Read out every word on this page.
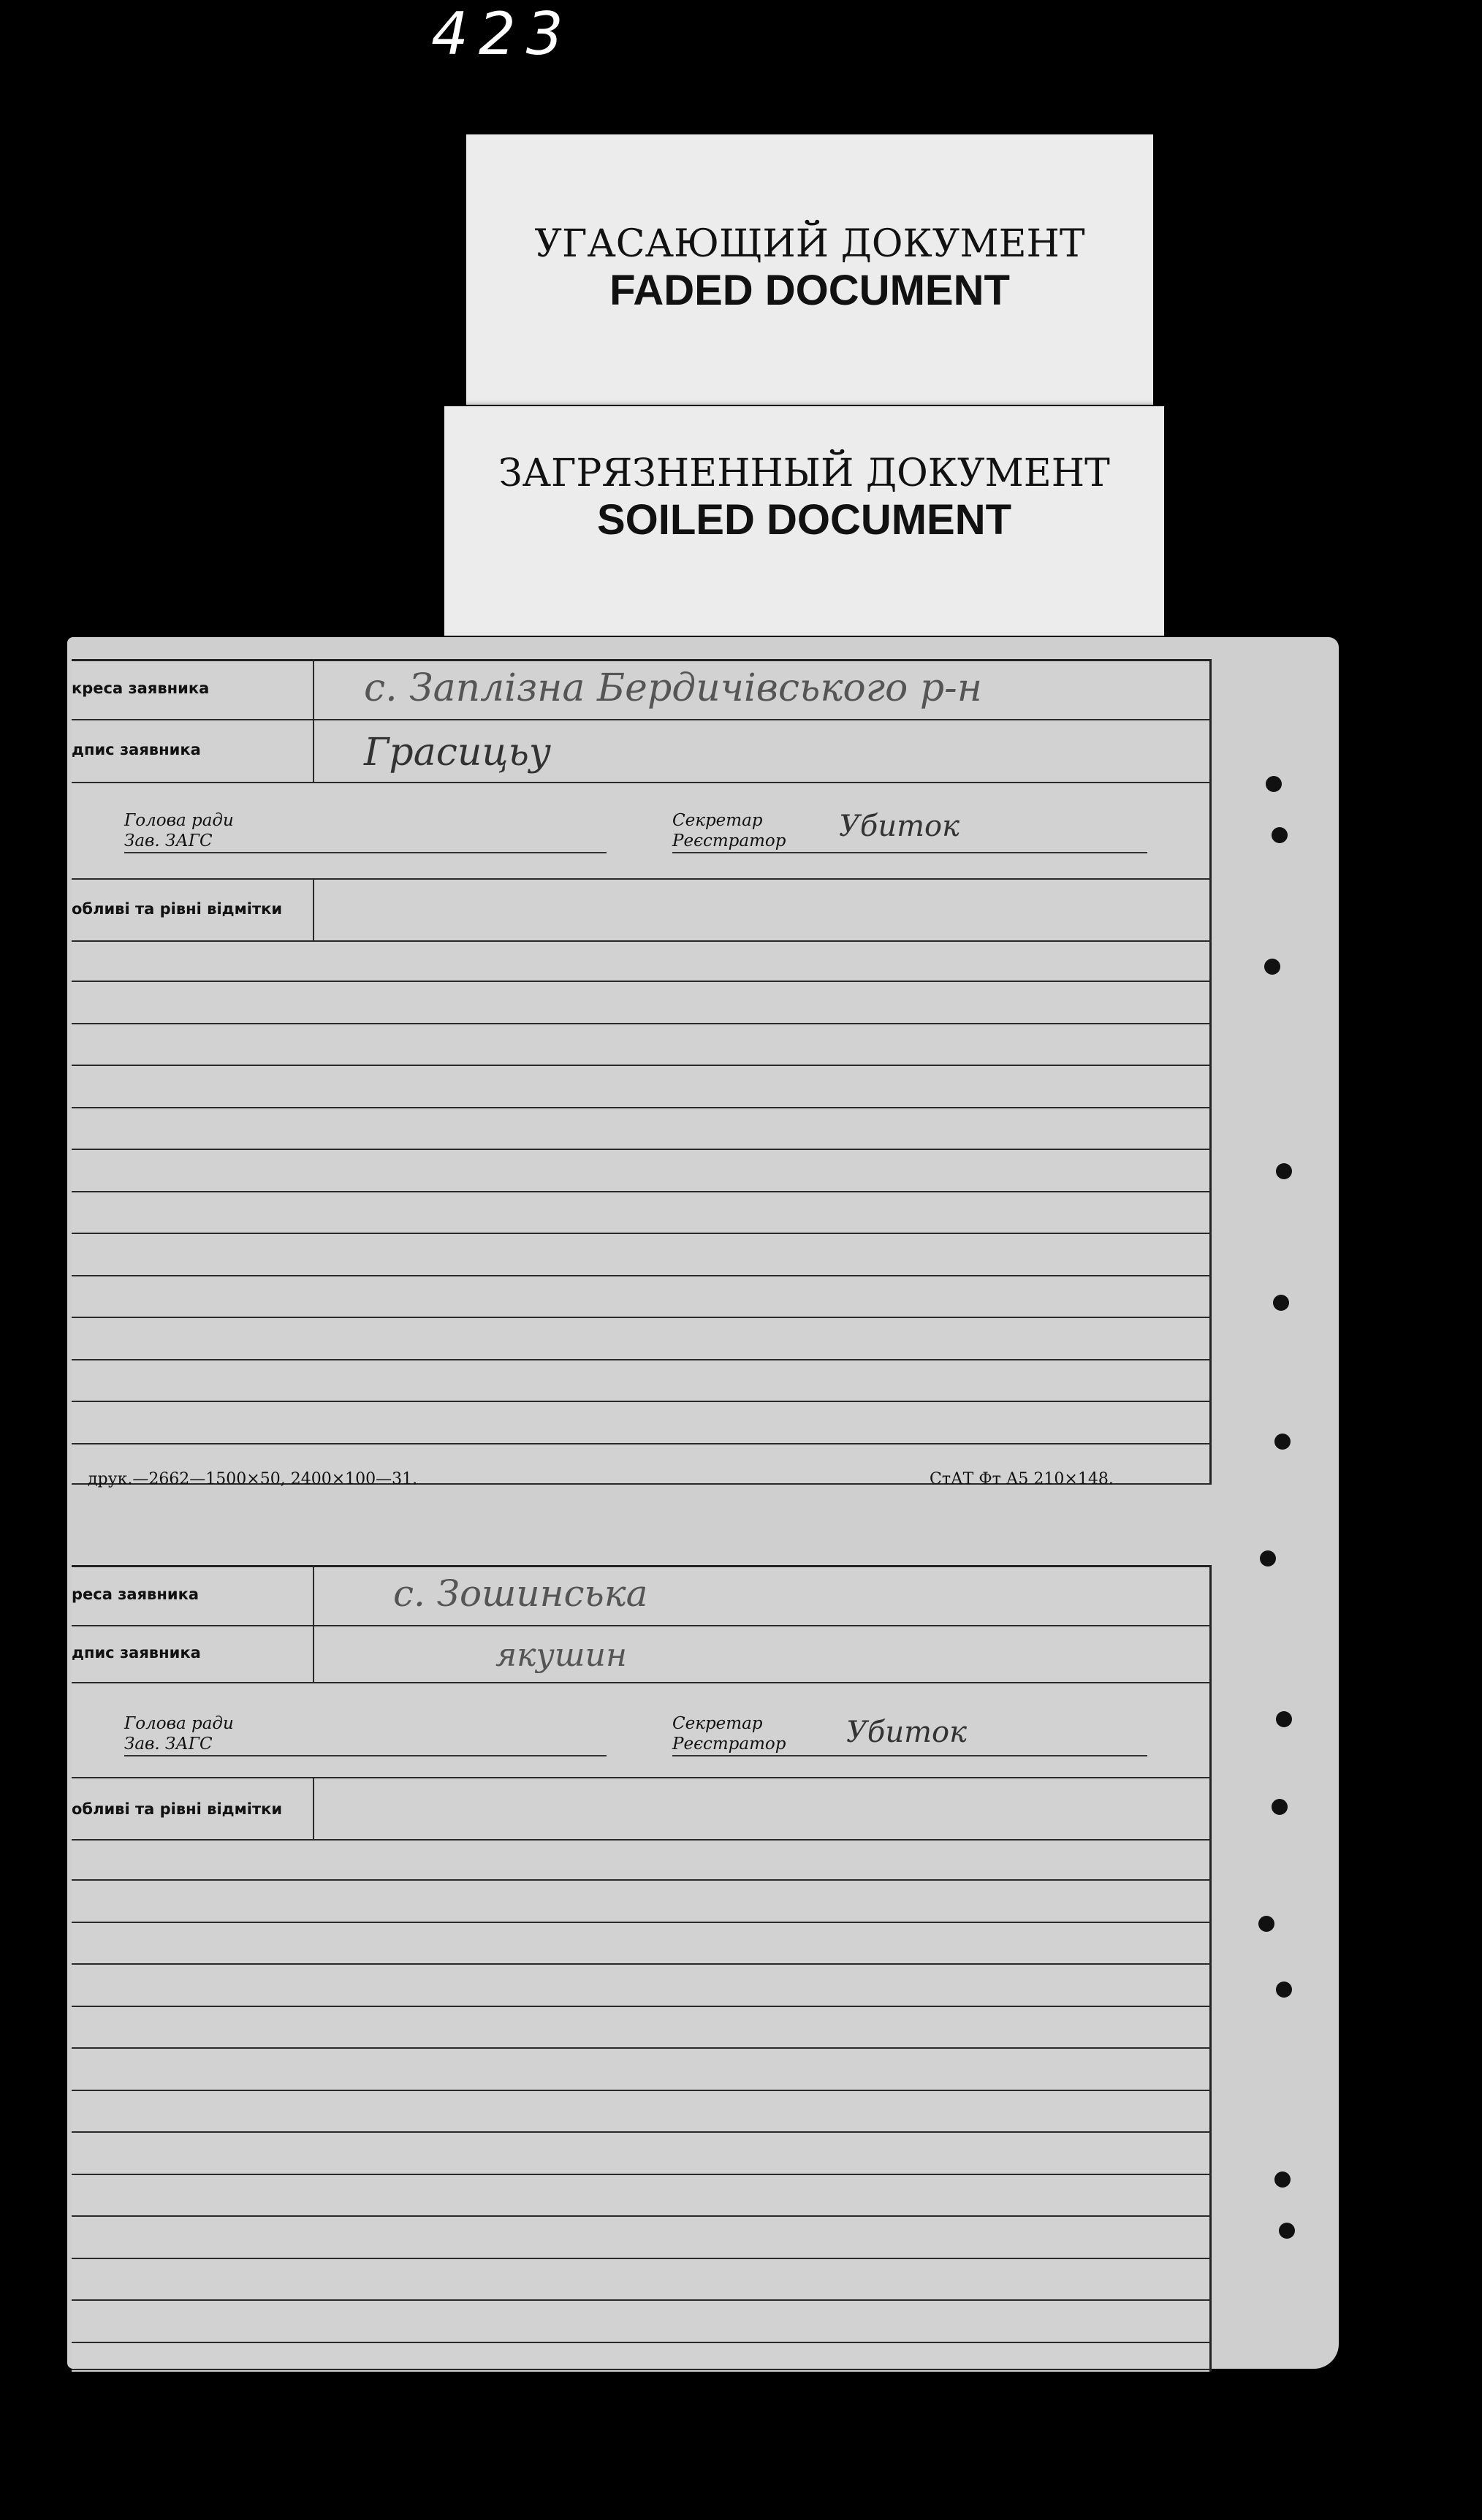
423
УГАСАЮЩИЙ ДОКУМЕНТ
FADED DOCUMENT
ЗАГРЯЗНЕННЫЙ ДОКУМЕНТ
SOILED DOCUMENT
кресa заявника
дпис заявника
с. Заплізна Бердичівського р-н
Грасицьу
Голова ради
Зав. ЗАГС
Секретар
Реєстратор Убиток
обливі та рівні відмітки
друк.—2662—1500×50, 2400×100—31.	СтАТ Фт А5 210×148.
реса заявника
дпис заявника
с. Зошинська
якушин
Голова ради
Зав. ЗАГС
Секретар
Реєстратор Убиток
обливі та рівні відмітки
